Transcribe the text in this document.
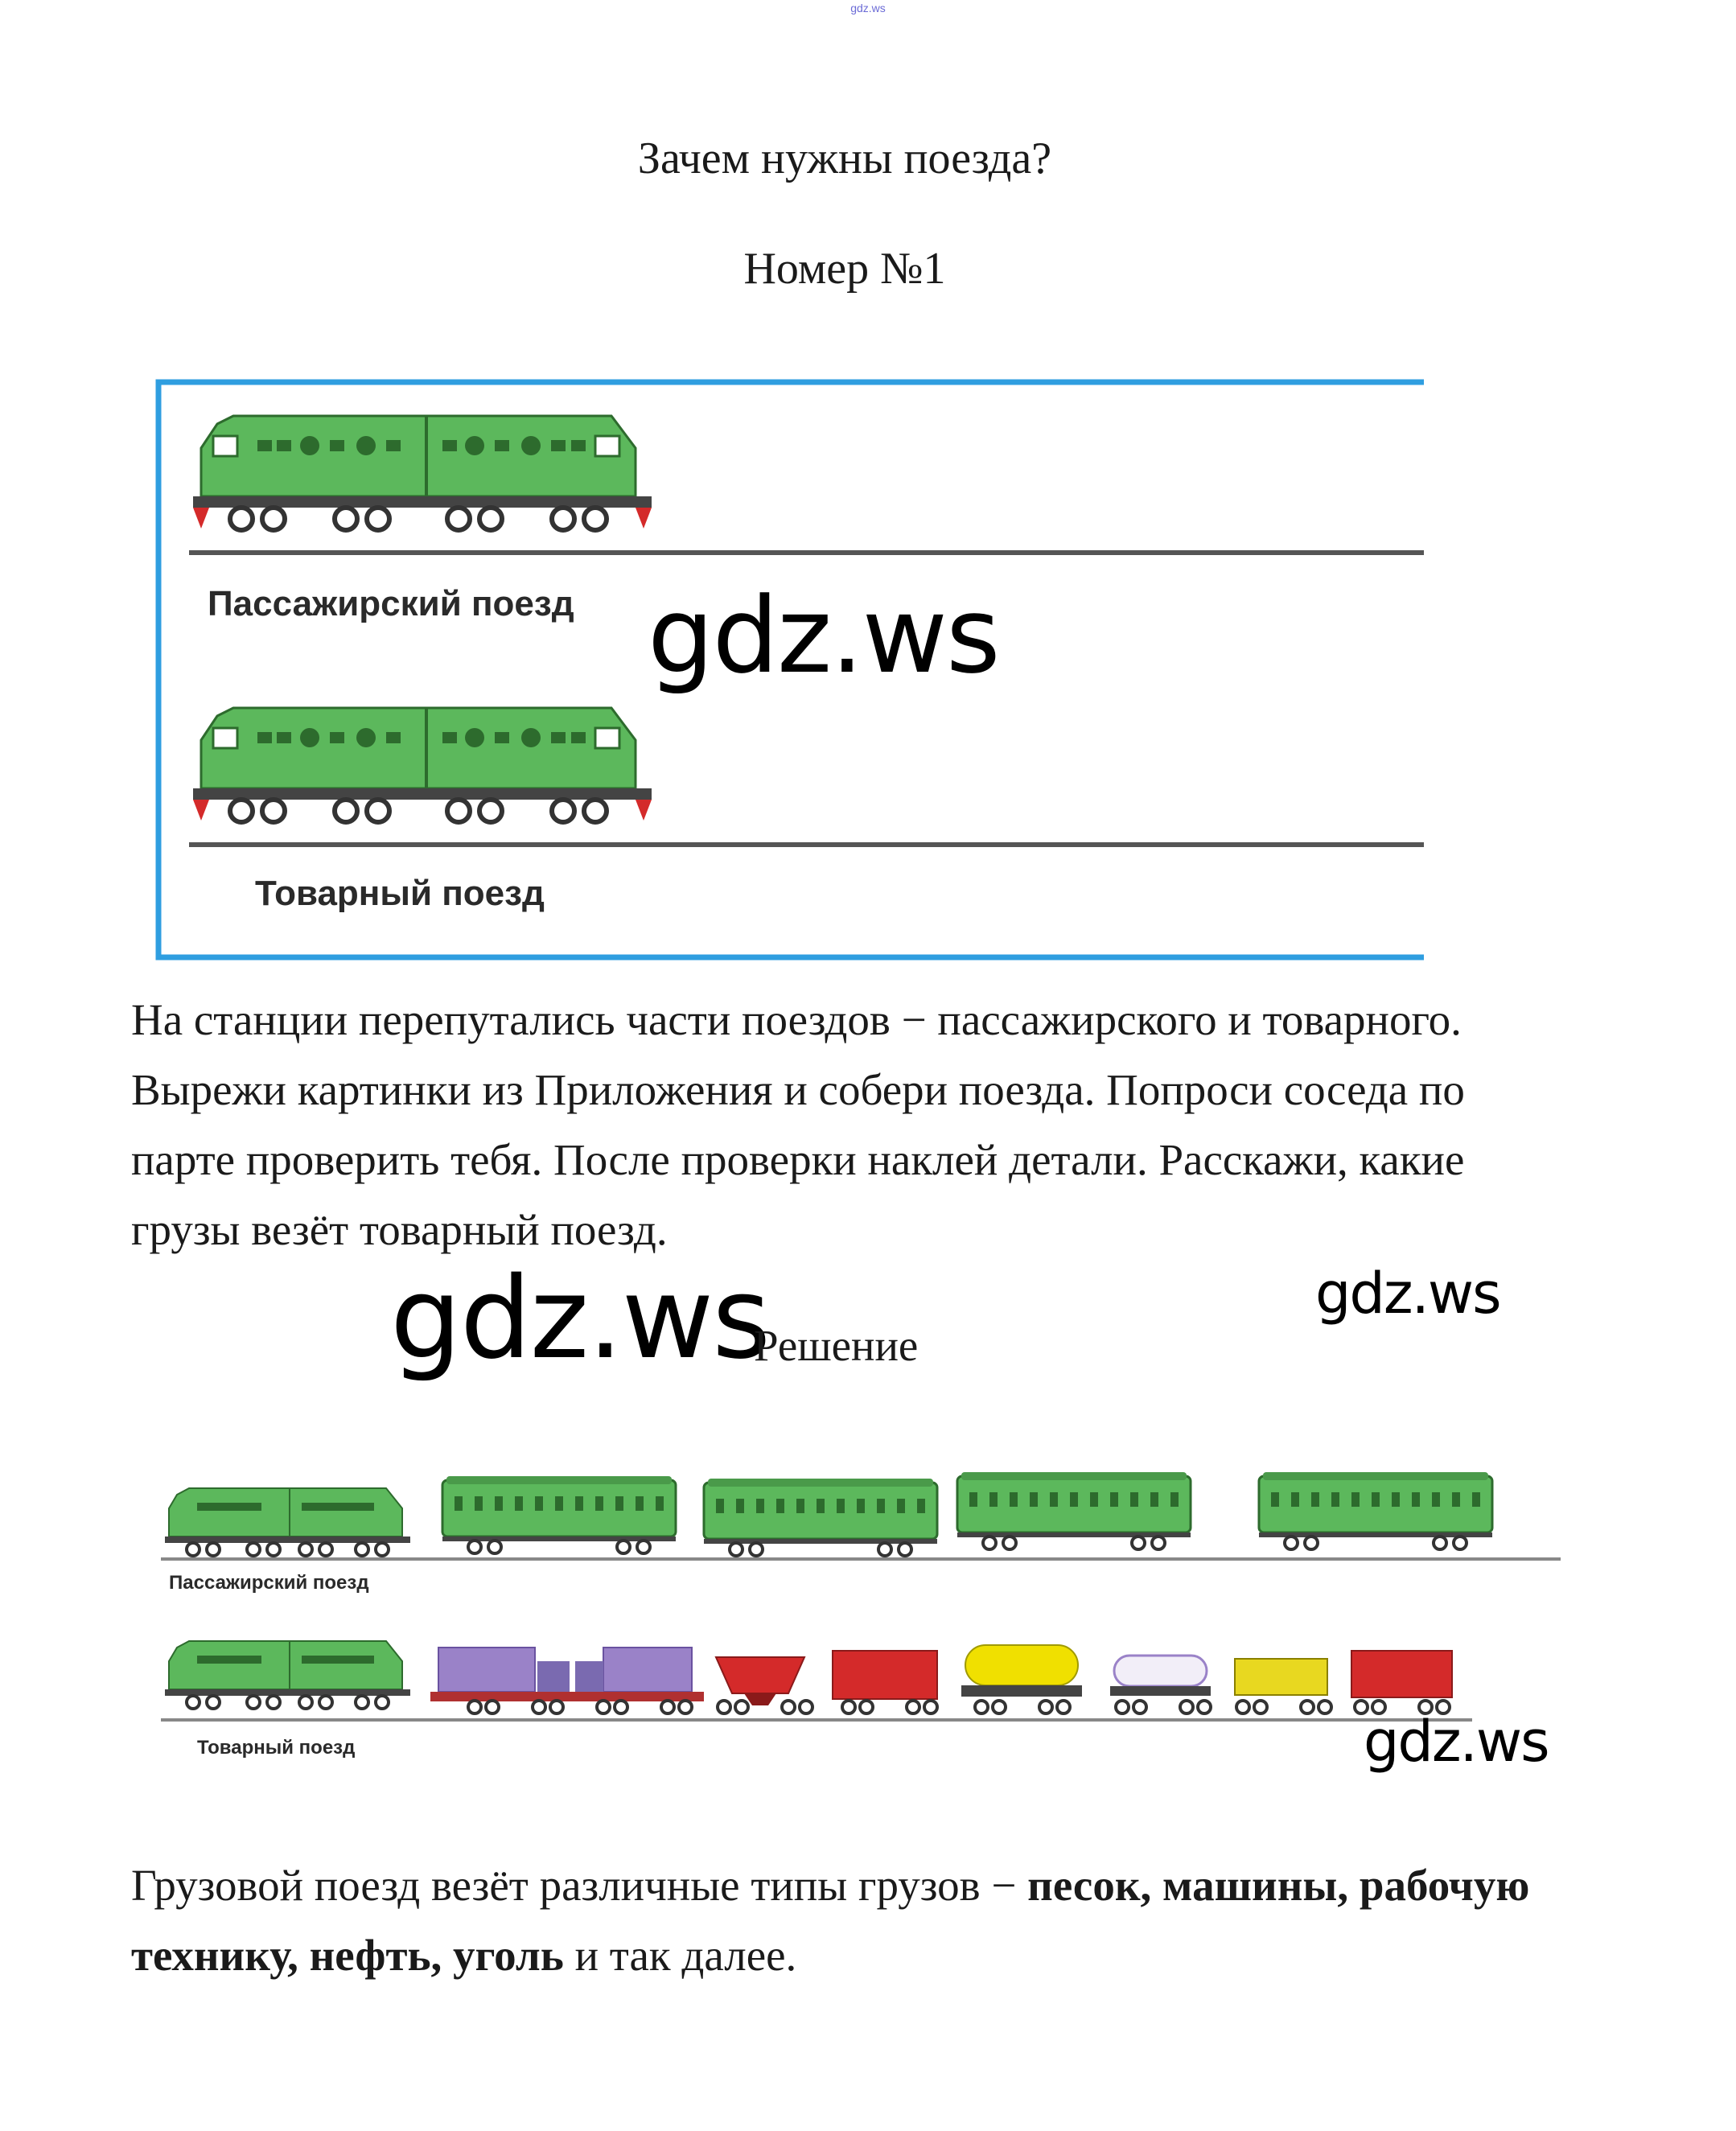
gdz.ws
Зачем нужны поезда?
Номер №1
Пассажирский поезд
Товарный поезд
gdz.ws
На станции перепутались части поездов − пассажирского и товарного. Вырежи картинки из Приложения и собери поезда. Попроси соседа по парте проверить тебя. После проверки наклей детали. Расскажи, какие грузы везёт товарный поезд.
gdz.ws
Решение
gdz.ws
Пассажирский поезд
Товарный поезд	gdz.ws
Грузовой поезд везёт различные типы грузов − песок, машины, рабочую технику, нефть, уголь и так далее.
